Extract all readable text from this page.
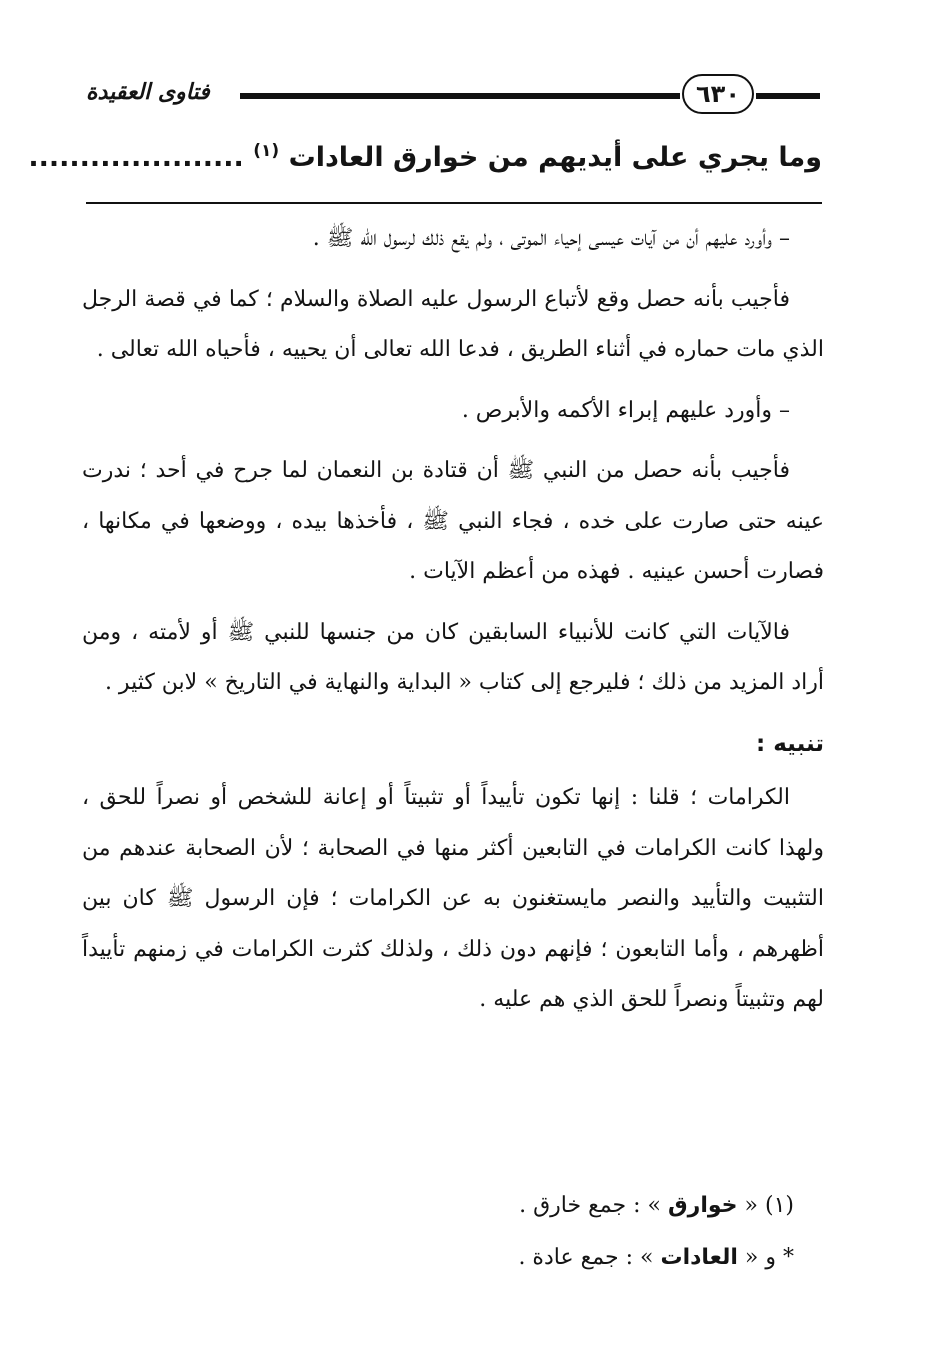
فتاوى العقيدة	٦٣٠
وما يجري على أيديهم من خوارق العادات $^{(١)}$ .....................

– وأورد عليهم أن من آيات عيسى إحياء الموتى ، ولم يقع ذلك لرسول الله ﷺ .

فأجيب بأنه حصل وقع لأتباع الرسول عليه الصلاة والسلام ؛ كما في قصة الرجل الذي مات حماره في أثناء الطريق ، فدعا الله تعالى أن يحييه ، فأحياه الله تعالى .

– وأورد عليهم إبراء الأكمه والأبرص .

فأجيب بأنه حصل من النبي ﷺ أن قتادة بن النعمان لما جرح في أحد ؛ ندرت عينه حتى صارت على خده ، فجاء النبي ﷺ ، فأخذها بيده ، ووضعها في مكانها ، فصارت أحسن عينيه . فهذه من أعظم الآيات .

فالآيات التي كانت للأنبياء السابقين كان من جنسها للنبي ﷺ أو لأمته ، ومن أراد المزيد من ذلك ؛ فليرجع إلى كتاب « البداية والنهاية في التاريخ » لابن كثير .

تنبيه :

الكرامات ؛ قلنا : إنها تكون تأييداً أو تثبيتاً أو إعانة للشخص أو نصراً للحق ، ولهذا كانت الكرامات في التابعين أكثر منها في الصحابة ؛ لأن الصحابة عندهم من التثبيت والتأييد والنصر مايستغنون به عن الكرامات ؛ فإن الرسول ﷺ كان بين أظهرهم ، وأما التابعون ؛ فإنهم دون ذلك ، ولذلك كثرت الكرامات في زمنهم تأييداً لهم وتثبيتاً ونصراً للحق الذي هم عليه .

(١) « خوارق » : جمع خارق .

* و « العادات » : جمع عادة .
